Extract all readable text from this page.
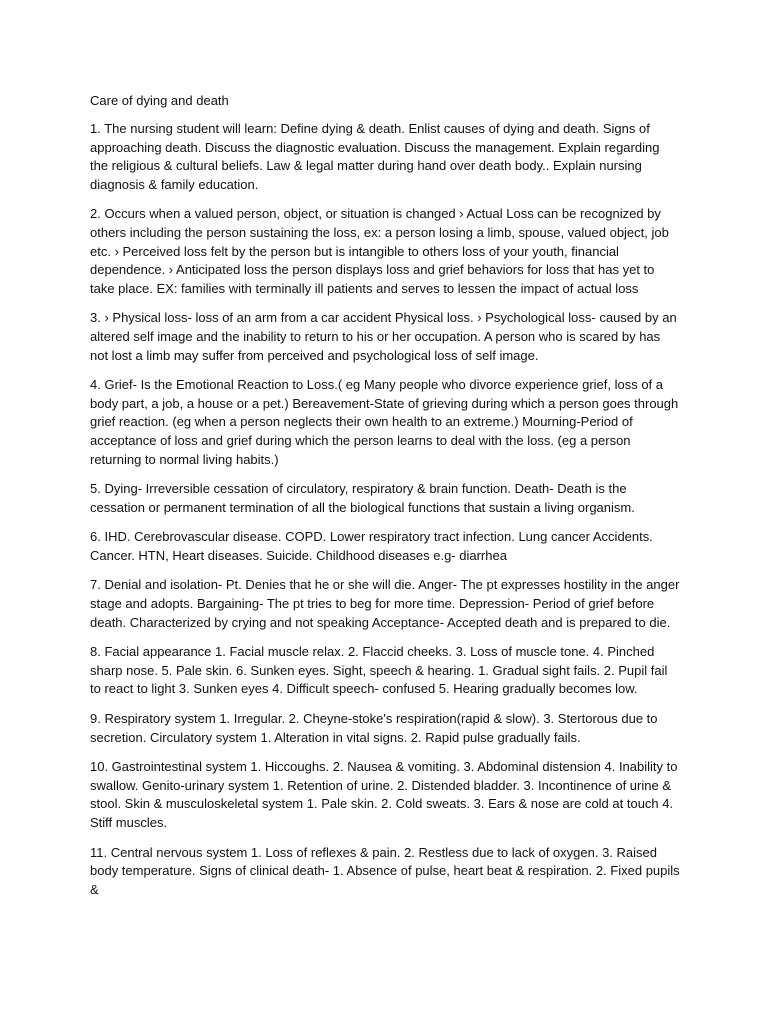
Care of dying and death

1. The nursing student will learn: Define dying & death. Enlist causes of dying and death. Signs of approaching death. Discuss the diagnostic evaluation. Discuss the management. Explain regarding the religious & cultural beliefs. Law & legal matter during hand over death body.. Explain nursing diagnosis & family education.

2. Occurs when a valued person, object, or situation is changed › Actual Loss can be recognized by others including the person sustaining the loss, ex: a person losing a limb, spouse, valued object, job etc. › Perceived loss felt by the person but is intangible to others loss of your youth, financial dependence. › Anticipated loss the person displays loss and grief behaviors for loss that has yet to take place. EX: families with terminally ill patients and serves to lessen the impact of actual loss

3. › Physical loss- loss of an arm from a car accident Physical loss. › Psychological loss- caused by an altered self image and the inability to return to his or her occupation. A person who is scared by has not lost a limb may suffer from perceived and psychological loss of self image.

4. Grief- Is the Emotional Reaction to Loss.( eg Many people who divorce experience grief, loss of a body part, a job, a house or a pet.) Bereavement-State of grieving during which a person goes through grief reaction. (eg when a person neglects their own health to an extreme.) Mourning-Period of acceptance of loss and grief during which the person learns to deal with the loss. (eg a person returning to normal living habits.)

5. Dying- Irreversible cessation of circulatory, respiratory & brain function. Death- Death is the cessation or permanent termination of all the biological functions that sustain a living organism.

6. IHD. Cerebrovascular disease. COPD. Lower respiratory tract infection. Lung cancer Accidents. Cancer. HTN, Heart diseases. Suicide. Childhood diseases e.g- diarrhea

7. Denial and isolation- Pt. Denies that he or she will die. Anger- The pt expresses hostility in the anger stage and adopts. Bargaining- The pt tries to beg for more time. Depression- Period of grief before death. Characterized by crying and not speaking Acceptance- Accepted death and is prepared to die.

8. Facial appearance 1. Facial muscle relax. 2. Flaccid cheeks. 3. Loss of muscle tone. 4. Pinched sharp nose. 5. Pale skin. 6. Sunken eyes. Sight, speech & hearing. 1. Gradual sight fails. 2. Pupil fail to react to light 3. Sunken eyes 4. Difficult speech- confused 5. Hearing gradually becomes low.

9. Respiratory system 1. Irregular. 2. Cheyne-stoke's respiration(rapid & slow). 3. Stertorous due to secretion. Circulatory system 1. Alteration in vital signs. 2. Rapid pulse gradually fails.

10. Gastrointestinal system 1. Hiccoughs. 2. Nausea & vomiting. 3. Abdominal distension 4. Inability to swallow. Genito-urinary system 1. Retention of urine. 2. Distended bladder. 3. Incontinence of urine & stool. Skin & musculoskeletal system 1. Pale skin. 2. Cold sweats. 3. Ears & nose are cold at touch 4. Stiff muscles.

11. Central nervous system 1. Loss of reflexes & pain. 2. Restless due to lack of oxygen. 3. Raised body temperature. Signs of clinical death- 1. Absence of pulse, heart beat & respiration. 2. Fixed pupils &
